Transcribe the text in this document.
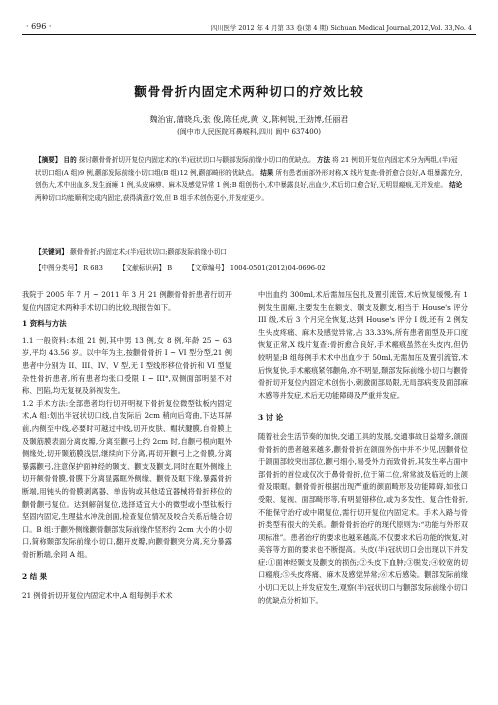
· 696 ·	四川医学 2012 年 4 月第 33 卷(第 4 期) Sichuan Medical Journal,2012,Vol. 33,No. 4
颧骨骨折内固定术两种切口的疗效比较
魏治宙,蒲晓兵,张 俊,陈任虎,黄 义,陈柯锐,王劲博,任丽君
(阆中市人民医院耳鼻喉科,四川 阆中 637400)
【摘要】 目的 探讨颧骨骨折切开复位内固定术的(半)冠状切口与颧部发际前缘小切口的优缺点。 方法 将 21 例切开复位内固定术分为两组,(半)冠状切口组(A 组)9 例,颧部发际前缘小切口组(B 组)12 例,颧部畸形的优缺点。 结果 所有患者面部外形对称,X 线片复查:骨折愈合良好,A 组暴露充分,创伤大,术中出血多,发生面瘫 1 例,头皮麻痹、麻木及感觉异常 1 例;B 组创伤小,术中暴露良好,出血少,术后切口愈合好,无明显瘢痕,无并发症。 结论 两种切口均能顺利完成内固定,获得满意疗效,但 B 组手术创伤更小,并发症更少。
【关键词】 颧骨骨折;内固定术;(半)冠状切口;颧部发际前缘小切口
【中图分类号】 R 683 【文献标识码】 B 【文章编号】 1004-0501(2012)04-0696-02

我院于 2005 年 7 月 ~ 2011 年 3 月 21 例颧骨骨折患者行切开复位内固定术两种手术切口的比较,现报告如下。

1 资料与方法

1.1 一般资料:本组 21 例,其中男 13 例,女 8 例,年龄 25 ~ 63 岁,平均 43.56 岁。以中年为主,按颧骨骨折 I ~ VI 型分型,21 例患者中分别为 II、III、IV、V 型,无 I 型线形移位骨折和 VI 型复杂性骨折患者,所有患者均张口受限 I ~ III°,双侧面部明显不对称、凹陷,均无复视及斜视发生。

1.2 手术方法:全部患者均行切开明视下骨折复位微型钛板内固定术,A 组:划出半冠状切口线,自发际后 2cm 稍向后弯曲,下达耳屏前,内侧至中线,必要时可越过中线,切开皮肤、帽状腱膜,自骨膜上及颞筋膜表面分离皮瓣,分离至颧弓上约 2cm 时,自颧弓根向眶外侧缘处,切开颞筋膜浅层,继续向下分离,再切开颧弓上之骨膜,分离暴露颧弓,注意保护面神经的颞支、颧支及颧支,同时在眶外侧缘上切开额骨骨膜,骨膜下分离显露眶外侧缘、颧骨及眶下缘,暴露骨折断端,用钝头的骨膜剥离器、单齿钩或其他适宜器械将骨折移位的颧骨颧弓复位。达到解剖复位,选择适宜大小的微型或小型钛板行坚固内固定,生理盐水冲洗创面,检查复位情况及咬合关系后缝合切口。B 组:于颧外侧缘颧骨颧部发际前缘作竖形约 2cm 大小的小切口,简称颞部发际前缘小切口,翻开皮瓣,向颧骨颧突分离,充分暴露骨折断端,余同 A 组。

2 结 果

21 例骨折切开复位内固定术中,A 组每例手术术

中出血约 300ml,术后需加压包扎及置引流管,术后恢复缓慢,有 1 例发生面瘫,主要发生在额支、颞支及颧支,相当于 House's 评分 III 级,术后 3 个月完全恢复,达到 House's 评分 I 级,还有 2 例发生头皮疼痛、麻木及感觉异常,占 33.33%,所有患者面型及开口度恢复正常,X 线片复查:骨折愈合良好,手术瘢痕虽然在头皮内,但仍较明显;B 组每例手术术中出血少于 50ml,无需加压及置引流管,术后恢复快,手术瘢痕紧邻颧角,亦不明显,颞部发际前缘小切口与颧骨骨折切开复位内固定术创伤小,刺激面部局限,无局部病变及面部麻木感等并发症,术后无功能障碍及严重并发症。

3 讨 论

随着社会生活节奏的加快,交通工具的发展,交通事故日益增多,颌面骨骨折的患者越来越多,颧骨骨折在颌面外伤中并不少见,因颧骨位于颌面部较突出部位,颧弓细小,易受外力而致骨折,其发生率占面中部骨折的首位或仅次于鼻骨骨折,位于第二位,常常波及临近的上颌骨及眼眶。颧骨骨折根据出现严重的颜面畸形及功能障碍,如张口受限、复视、面部畸形等,有明显错移位,或为多发性、复合性骨折,不能保守治疗或中期复位,需行切开复位内固定术。手术入路与骨折类型有很大的关系。颧骨骨折治疗的现代原则为:“功能与外形双项标准”。患者治疗的要求也越来越高,不仅要求术后功能的恢复,对美容等方面的要求也不断提高。头皮(半)冠状切口会出现以下并发症:①面神经颞支及颧支的损伤;②头皮下血肿;③脱发;④较宽的切口瘢痕;⑤头皮疼痛、麻木及感觉异常;⑥术后感染。颧部发际前缘小切口无以上并发症发生,观察(半)冠状切口与颧部发际前缘小切口的优缺点分析如下。
